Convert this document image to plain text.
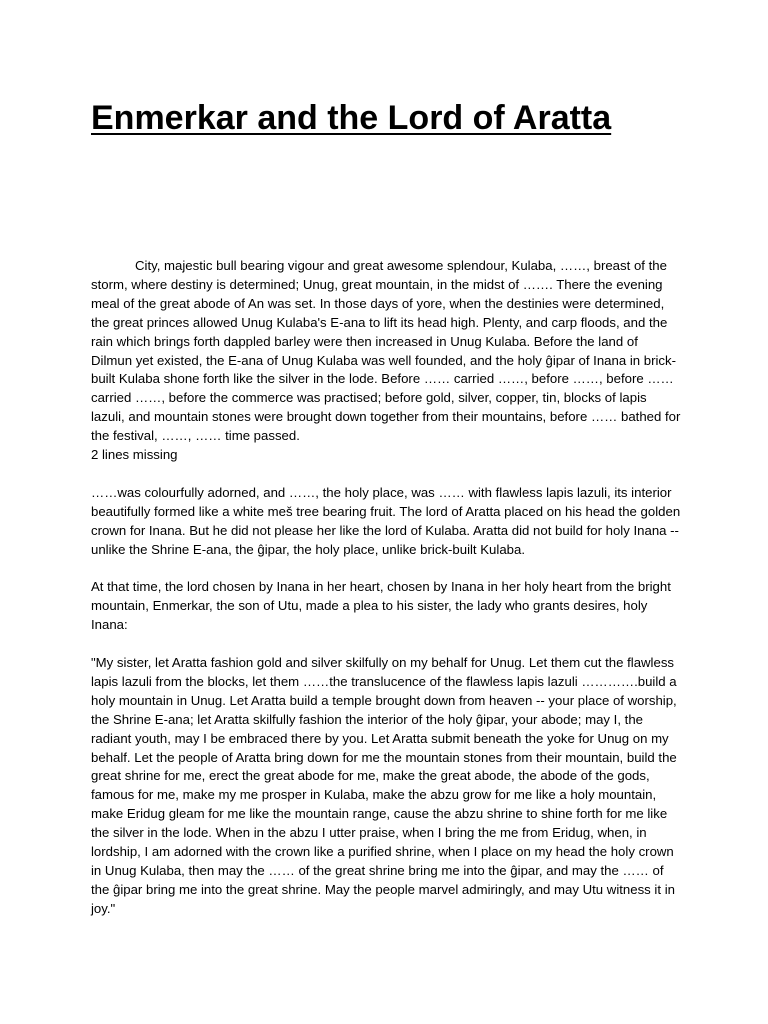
Enmerkar and the Lord of Aratta

City, majestic bull bearing vigour and great awesome splendour, Kulaba, ……, breast of the storm, where destiny is determined; Unug, great mountain, in the midst of ……. There the evening meal of the great abode of An was set. In those days of yore, when the destinies were determined, the great princes allowed Unug Kulaba's E-ana to lift its head high. Plenty, and carp floods, and the rain which brings forth dappled barley were then increased in Unug Kulaba. Before the land of Dilmun yet existed, the E-ana of Unug Kulaba was well founded, and the holy ĝipar of Inana in brick-built Kulaba shone forth like the silver in the lode. Before …… carried ……, before ……, before …… carried ……, before the commerce was practised; before gold, silver, copper, tin, blocks of lapis lazuli, and mountain stones were brought down together from their mountains, before …… bathed for the festival, ……, …… time passed.

2 lines missing

……was colourfully adorned, and ……, the holy place, was …… with flawless lapis lazuli, its interior beautifully formed like a white meš tree bearing fruit. The lord of Aratta placed on his head the golden crown for Inana. But he did not please her like the lord of Kulaba. Aratta did not build for holy Inana -- unlike the Shrine E-ana, the ĝipar, the holy place, unlike brick-built Kulaba.

At that time, the lord chosen by Inana in her heart, chosen by Inana in her holy heart from the bright mountain, Enmerkar, the son of Utu, made a plea to his sister, the lady who grants desires, holy Inana:

"My sister, let Aratta fashion gold and silver skilfully on my behalf for Unug. Let them cut the flawless lapis lazuli from the blocks, let them ……the translucence of the flawless lapis lazuli ………….build a holy mountain in Unug. Let Aratta build a temple brought down from heaven -- your place of worship, the Shrine E-ana; let Aratta skilfully fashion the interior of the holy ĝipar, your abode; may I, the radiant youth, may I be embraced there by you. Let Aratta submit beneath the yoke for Unug on my behalf. Let the people of Aratta bring down for me the mountain stones from their mountain, build the great shrine for me, erect the great abode for me, make the great abode, the abode of the gods, famous for me, make my me prosper in Kulaba, make the abzu grow for me like a holy mountain, make Eridug gleam for me like the mountain range, cause the abzu shrine to shine forth for me like the silver in the lode. When in the abzu I utter praise, when I bring the me from Eridug, when, in lordship, I am adorned with the crown like a purified shrine, when I place on my head the holy crown in Unug Kulaba, then may the …… of the great shrine bring me into the ĝipar, and may the …… of the ĝipar bring me into the great shrine. May the people marvel admiringly, and may Utu witness it in joy."
